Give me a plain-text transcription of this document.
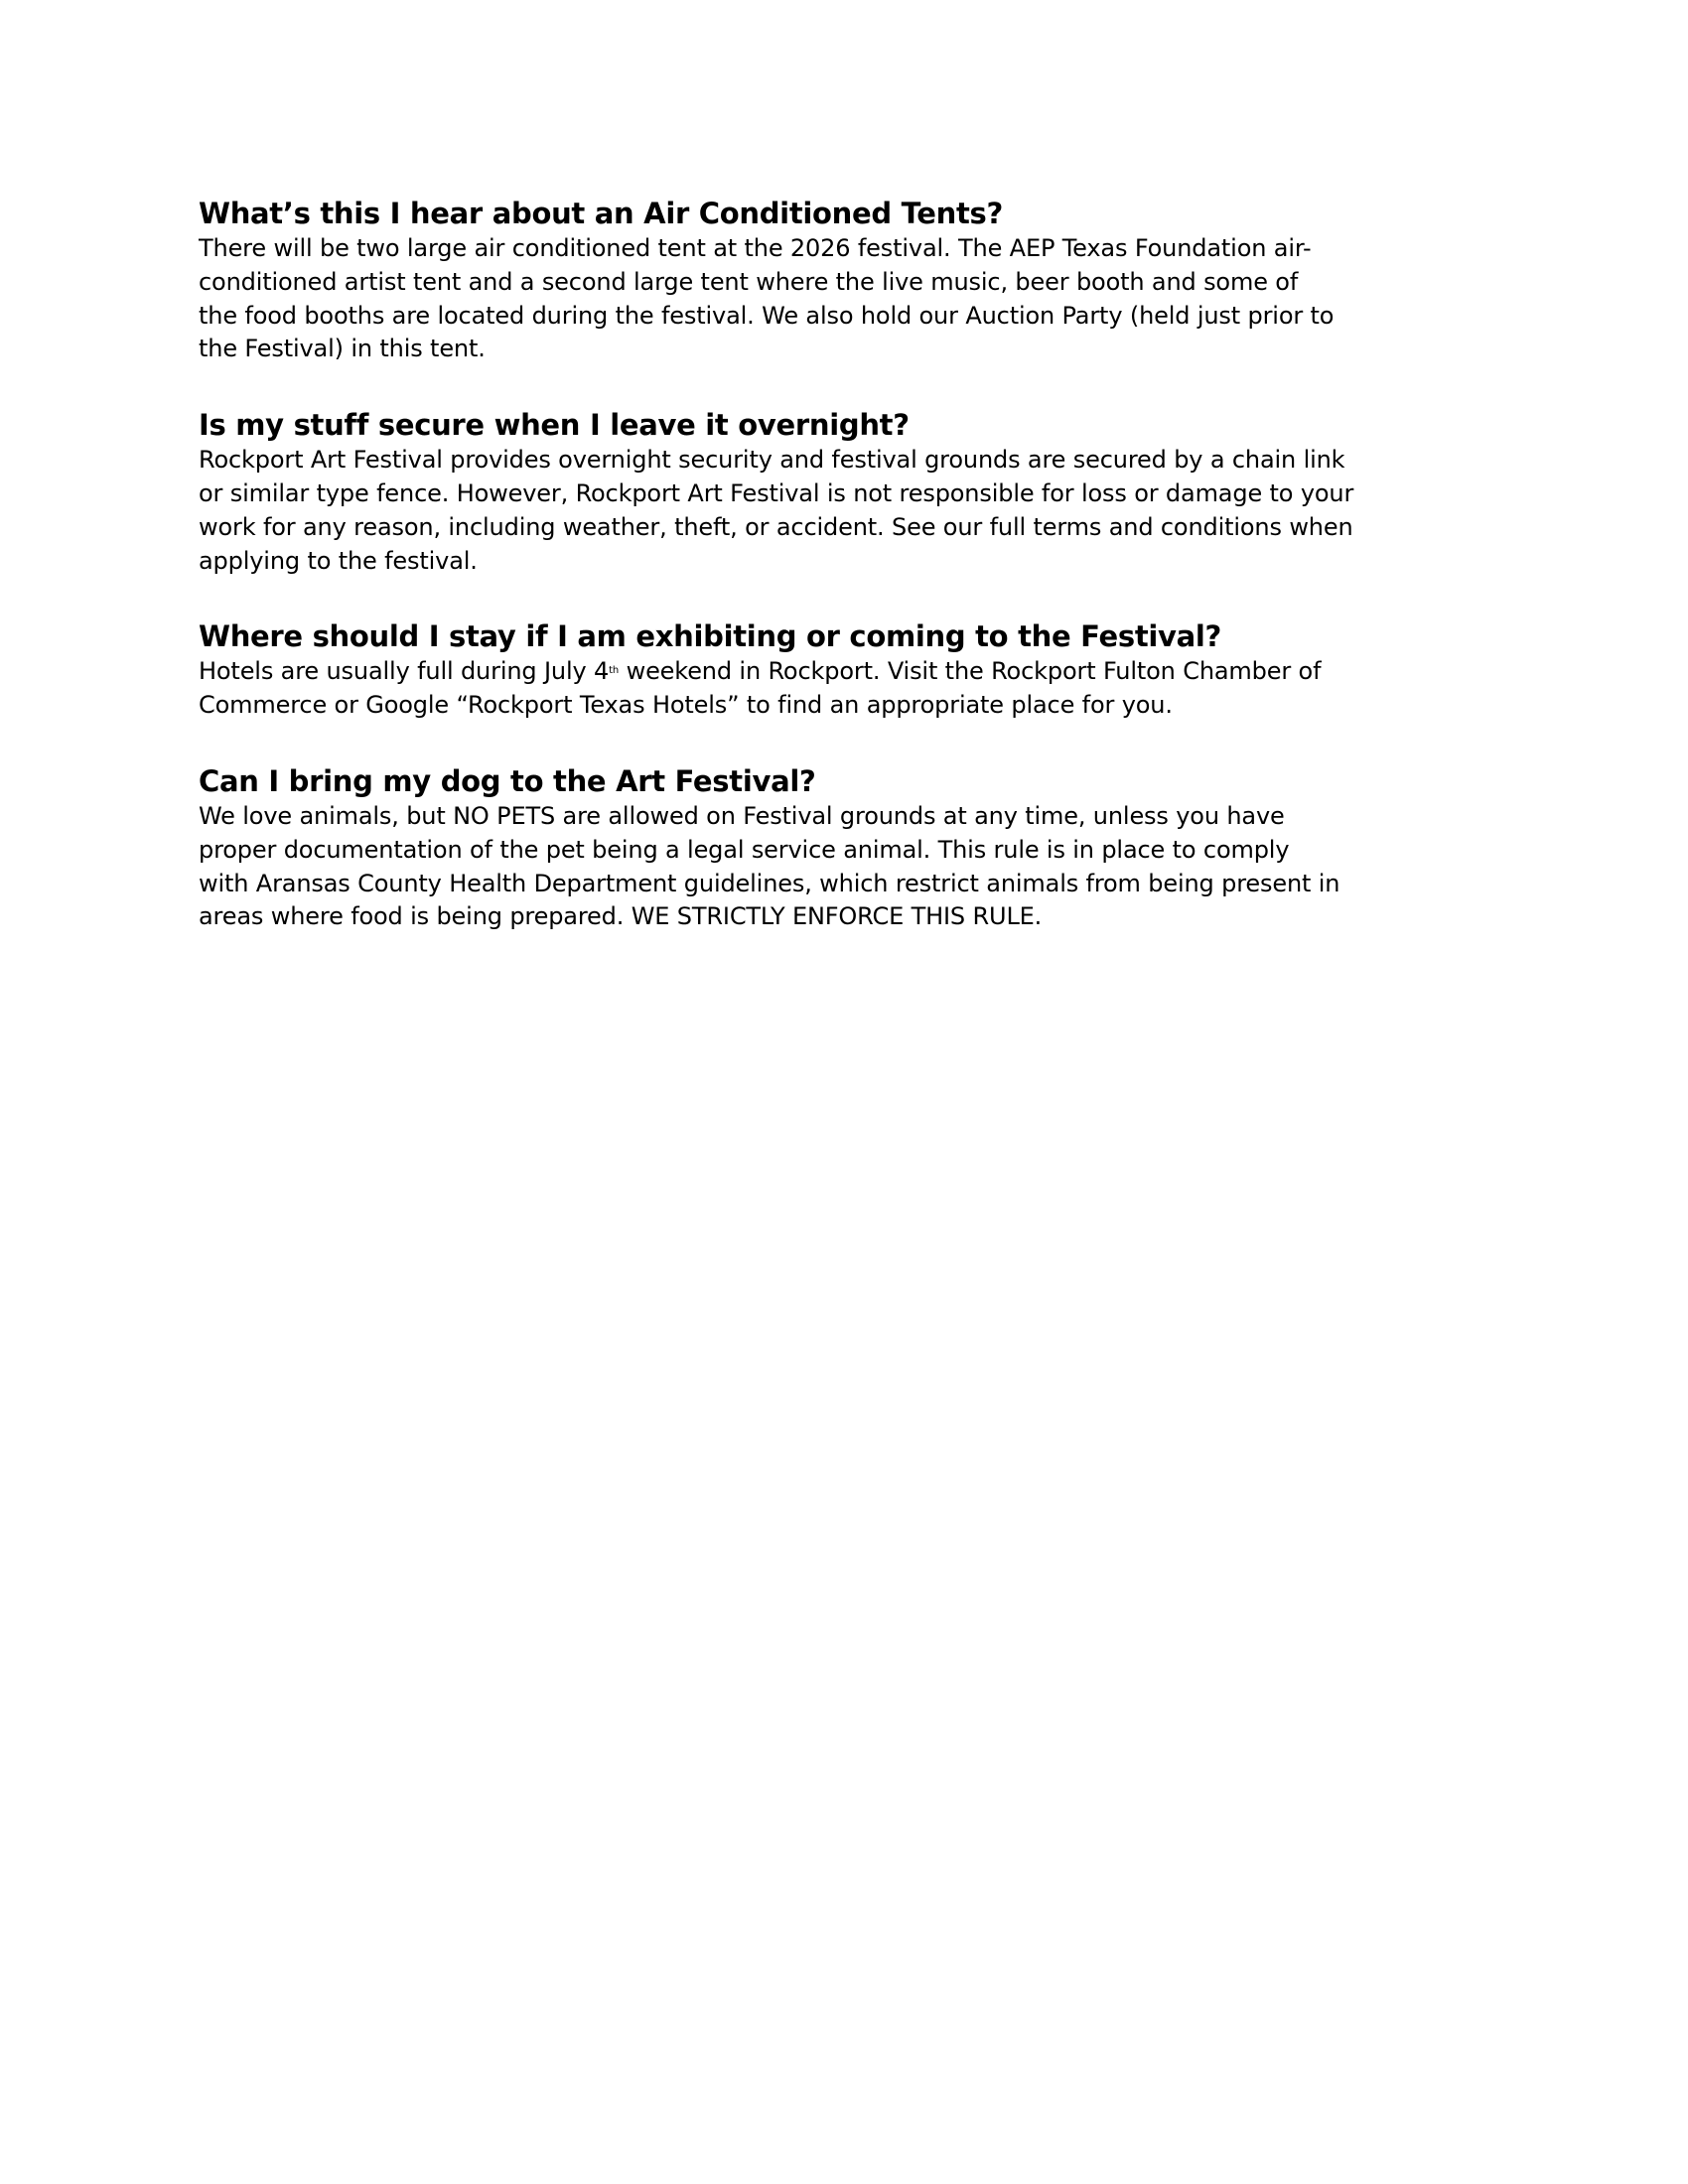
What’s this I hear about an Air Conditioned Tents?

There will be two large air conditioned tent at the 2026 festival. The AEP Texas Foundation air-
conditioned artist tent and a second large tent where the live music, beer booth and some of
the food booths are located during the festival. We also hold our Auction Party (held just prior to
the Festival) in this tent.

Is my stuff secure when I leave it overnight?

Rockport Art Festival provides overnight security and festival grounds are secured by a chain link
or similar type fence. However, Rockport Art Festival is not responsible for loss or damage to your
work for any reason, including weather, theft, or accident. See our full terms and conditions when
applying to the festival.

Where should I stay if I am exhibiting or coming to the Festival?

Hotels are usually full during July 4th weekend in Rockport. Visit the Rockport Fulton Chamber of
Commerce or Google “Rockport Texas Hotels” to find an appropriate place for you.

Can I bring my dog to the Art Festival?

We love animals, but NO PETS are allowed on Festival grounds at any time, unless you have
proper documentation of the pet being a legal service animal. This rule is in place to comply
with Aransas County Health Department guidelines, which restrict animals from being present in
areas where food is being prepared. WE STRICTLY ENFORCE THIS RULE.
